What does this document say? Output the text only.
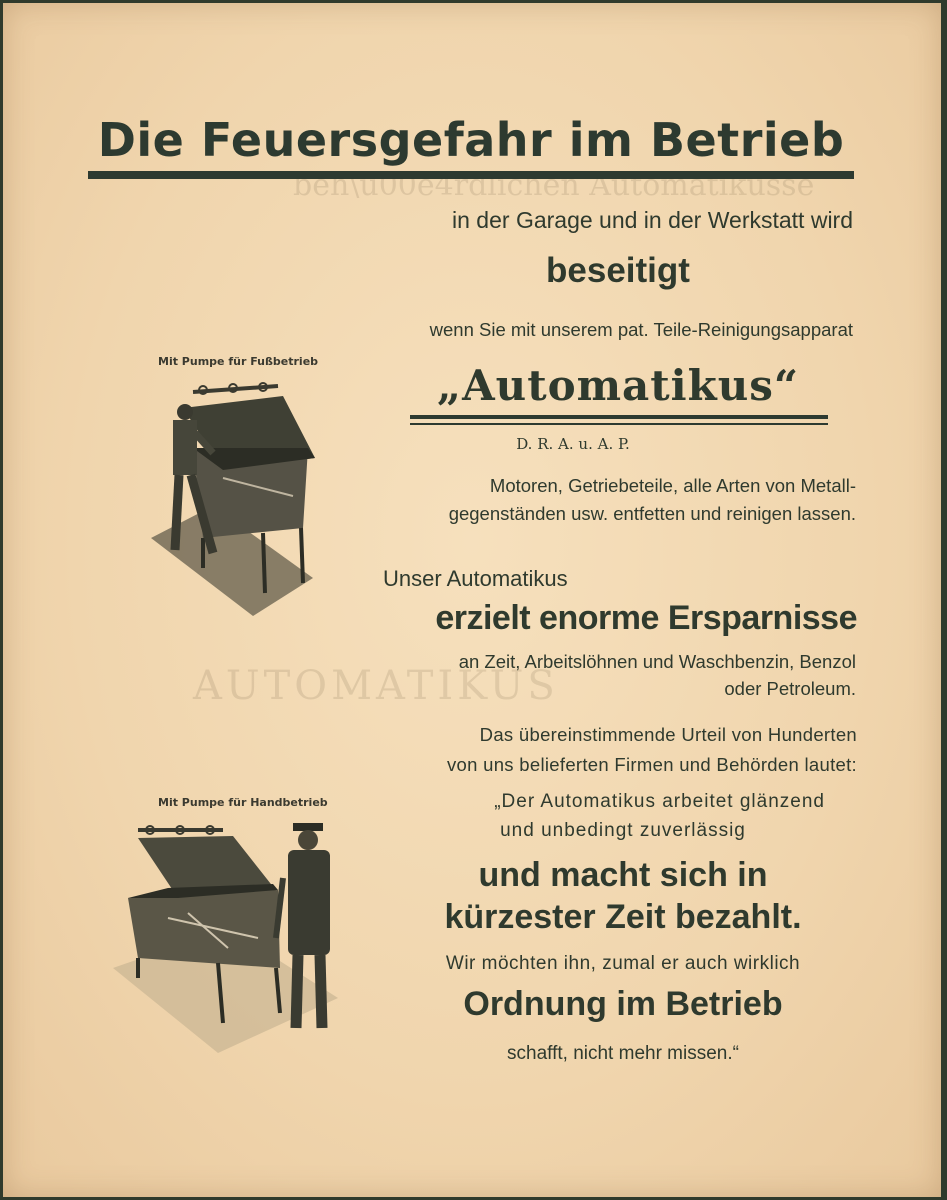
beh\u00e4rdlichen Automatikusse

AUTOMATIKUS

Die Feuersgefahr im Betrieb

in der Garage und in der Werkstatt wird

beseitigt

wenn Sie mit unserem pat. Teile-Reinigungsapparat

„Automatikus“

D. R. A. u. A. P.

Motoren, Getriebeteile, alle Arten von Metall-

gegenständen usw. entfetten und reinigen lassen.

Unser Automatikus

erzielt enorme Ersparnisse

an Zeit, Arbeitslöhnen und Waschbenzin, Benzol

oder Petroleum.

Das übereinstimmende Urteil von Hunderten

von uns belieferten Firmen und Behörden lautet:

„Der Automatikus arbeitet glänzend

und unbedingt zuverlässig

und macht sich in

kürzester Zeit bezahlt.

Wir möchten ihn, zumal er auch wirklich

Ordnung im Betrieb

schafft, nicht mehr missen.“

Mit Pumpe für Fußbetrieb
Mit Pumpe für Handbetrieb
